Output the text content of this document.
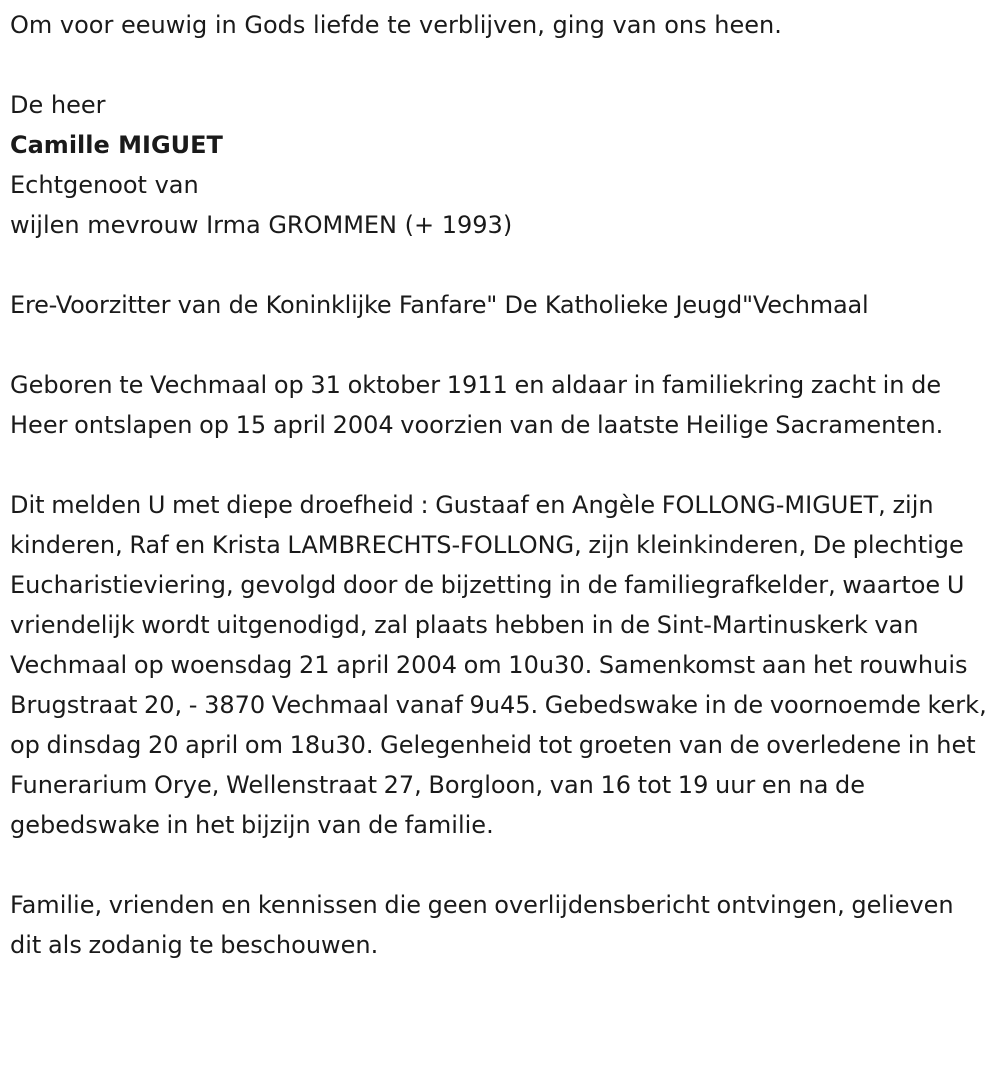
Om voor eeuwig in Gods liefde te verblijven, ging van ons heen.

De heer

Camille MIGUET

Echtgenoot van

wijlen mevrouw Irma GROMMEN (+ 1993)

Ere-Voorzitter van de Koninklijke Fanfare" De Katholieke Jeugd"Vechmaal

Geboren te Vechmaal op 31 oktober 1911 en aldaar in familiekring zacht in de Heer ontslapen op 15 april 2004 voorzien van de laatste Heilige Sacramenten.

Dit melden U met diepe droefheid : Gustaaf en Angèle FOLLONG-MIGUET, zijn kinderen, Raf en Krista LAMBRECHTS-FOLLONG, zijn kleinkinderen, De plechtige Eucharistieviering, gevolgd door de bijzetting in de familiegrafkelder, waartoe U vriendelijk wordt uitgenodigd, zal plaats hebben in de Sint-Martinuskerk van Vechmaal op woensdag 21 april 2004 om 10u30. Samenkomst aan het rouwhuis Brugstraat 20, - 3870 Vechmaal vanaf 9u45. Gebedswake in de voornoemde kerk, op dinsdag 20 april om 18u30. Gelegenheid tot groeten van de overledene in het Funerarium Orye, Wellenstraat 27, Borgloon, van 16 tot 19 uur en na de gebedswake in het bijzijn van de familie.

Familie, vrienden en kennissen die geen overlijdensbericht ontvingen, gelieven dit als zodanig te beschouwen.
